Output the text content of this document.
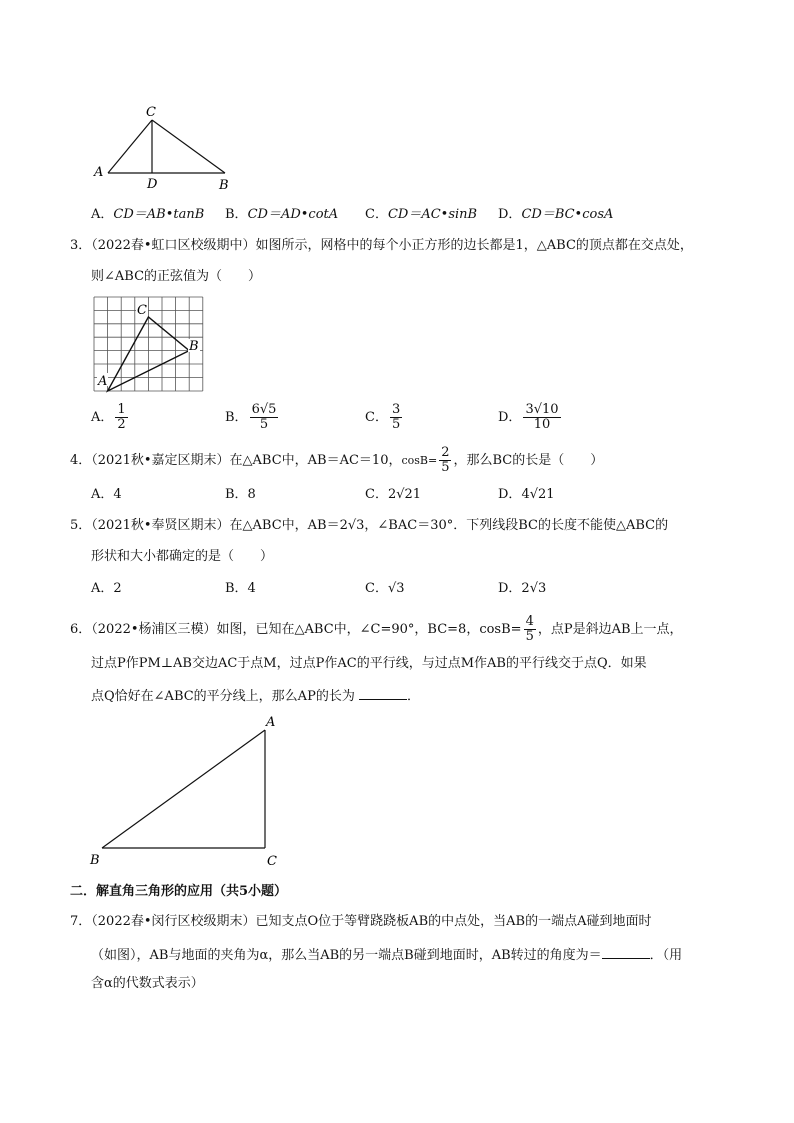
C
A
D	B
A．CD＝AB•tanB B．CD＝AD•cotA C．CD＝AC•sinB D．CD＝BC•cosA
3．（2022春•虹口区校级期中）如图所示，网格中的每个小正方形的边长都是1，△ABC的顶点都在交点处，
则∠ABC的正弦值为（　　）
C
B
A
A． $\frac{1}{2}$	B． $\frac{6√5}{5}$	C． $\frac{3}{5}$	D． $\frac{3√10}{10}$
4．（2021秋•嘉定区期末）在△ABC中，AB＝AC＝10，$\cos B= \frac{2}{5}$ ，那么BC的长是（　　）
A．4	B．8	C．2√21	D．4√21
5．（2021秋•奉贤区期末）在△ABC中，AB＝2√3，∠BAC＝30°．下列线段BC的长度不能使△ABC的
形状和大小都确定的是（　　）
A．2	B．4	C．√3	D．2√3
6．（2022•杨浦区三模）如图，已知在△ABC中，∠C=90°，BC=8，$\cos B= \frac{4}{5}$ ，点P是斜边AB上一点，
过点P作PM⊥AB交边AC于点M，过点P作AC的平行线，与过点M作AB的平行线交于点Q．如果
点Q恰好在∠ABC的平分线上，那么AP的长为	．
A
B	C
二．解直角三角形的应用（共5小题）
7．（2022春•闵行区校级期末）已知支点O位于等臂跷跷板AB的中点处，当AB的一端点A碰到地面时
（如图），AB与地面的夹角为α，那么当AB的另一端点B碰到地面时，AB转过的角度为＝	．（用
含α的代数式表示）
